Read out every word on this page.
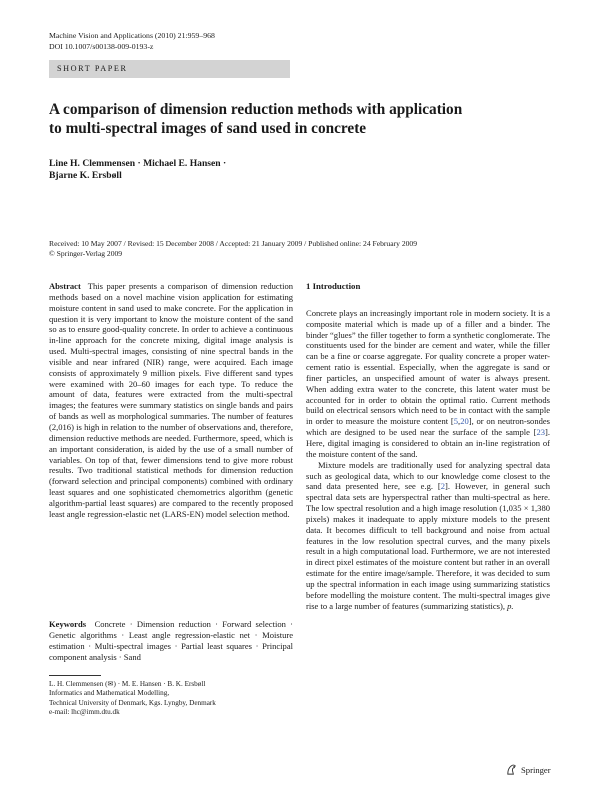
Machine Vision and Applications (2010) 21:959–968
DOI 10.1007/s00138-009-0193-z
SHORT PAPER
A comparison of dimension reduction methods with application
to multi-spectral images of sand used in concrete
Line H. Clemmensen · Michael E. Hansen ·
Bjarne K. Ersbøll
Received: 10 May 2007 / Revised: 15 December 2008 / Accepted: 21 January 2009 / Published online: 24 February 2009
© Springer-Verlag 2009

Abstract This paper presents a comparison of dimension reduction methods based on a novel machine vision application for estimating moisture content in sand used to make concrete. For the application in question it is very important to know the moisture content of the sand so as to ensure good-quality concrete. In order to achieve a continuous in-line approach for the concrete mixing, digital image analysis is used. Multi-spectral images, consisting of nine spectral bands in the visible and near infrared (NIR) range, were acquired. Each image consists of approximately 9 million pixels. Five different sand types were examined with 20–60 images for each type. To reduce the amount of data, features were extracted from the multi-spectral images; the features were summary statistics on single bands and pairs of bands as well as morphological summaries. The number of features (2,016) is high in relation to the number of observations and, therefore, dimension reductive methods are needed. Furthermore, speed, which is an important consideration, is aided by the use of a small number of variables. On top of that, fewer dimensions tend to give more robust results. Two traditional statistical methods for dimension reduction (forward selection and principal components) combined with ordinary least squares and one sophisticated chemometrics algorithm (genetic algorithm-partial least squares) are compared to the recently proposed least angle regression-elastic net (LARS-EN) model selection method.

Keywords Concrete · Dimension reduction · Forward selection · Genetic algorithms · Least angle regression-elastic net · Moisture estimation · Multi-spectral images · Partial least squares · Principal component analysis · Sand

L. H. Clemmensen (✉) · M. E. Hansen · B. K. Ersbøll
Informatics and Mathematical Modelling,
Technical University of Denmark, Kgs. Lyngby, Denmark
e-mail: lhc@imm.dtu.dk

1 Introduction

Concrete plays an increasingly important role in modern society. It is a composite material which is made up of a filler and a binder. The binder “glues” the filler together to form a synthetic conglomerate. The constituents used for the binder are cement and water, while the filler can be a fine or coarse aggregate. For quality concrete a proper water-cement ratio is essential. Especially, when the aggregate is sand or finer particles, an unspecified amount of water is always present. When adding extra water to the concrete, this latent water must be accounted for in order to obtain the optimal ratio. Current methods build on electrical sensors which need to be in contact with the sample in order to measure the moisture content [5,20], or on neutron-sondes which are designed to be used near the surface of the sample [23]. Here, digital imaging is considered to obtain an in-line registration of the moisture content of the sand.

Mixture models are traditionally used for analyzing spectral data such as geological data, which to our knowledge come closest to the sand data presented here, see e.g. [2]. However, in general such spectral data sets are hyperspectral rather than multi-spectral as here. The low spectral resolution and a high image resolution (1,035 × 1,380 pixels) makes it inadequate to apply mixture models to the present data. It becomes difficult to tell background and noise from actual features in the low resolution spectral curves, and the many pixels result in a high computational load. Furthermore, we are not interested in direct pixel estimates of the moisture content but rather in an overall estimate for the entire image/sample. Therefore, it was decided to sum up the spectral information in each image using summarizing statistics before modelling the moisture content. The multi-spectral images give rise to a large number of features (summarizing statistics), p.

Springer
